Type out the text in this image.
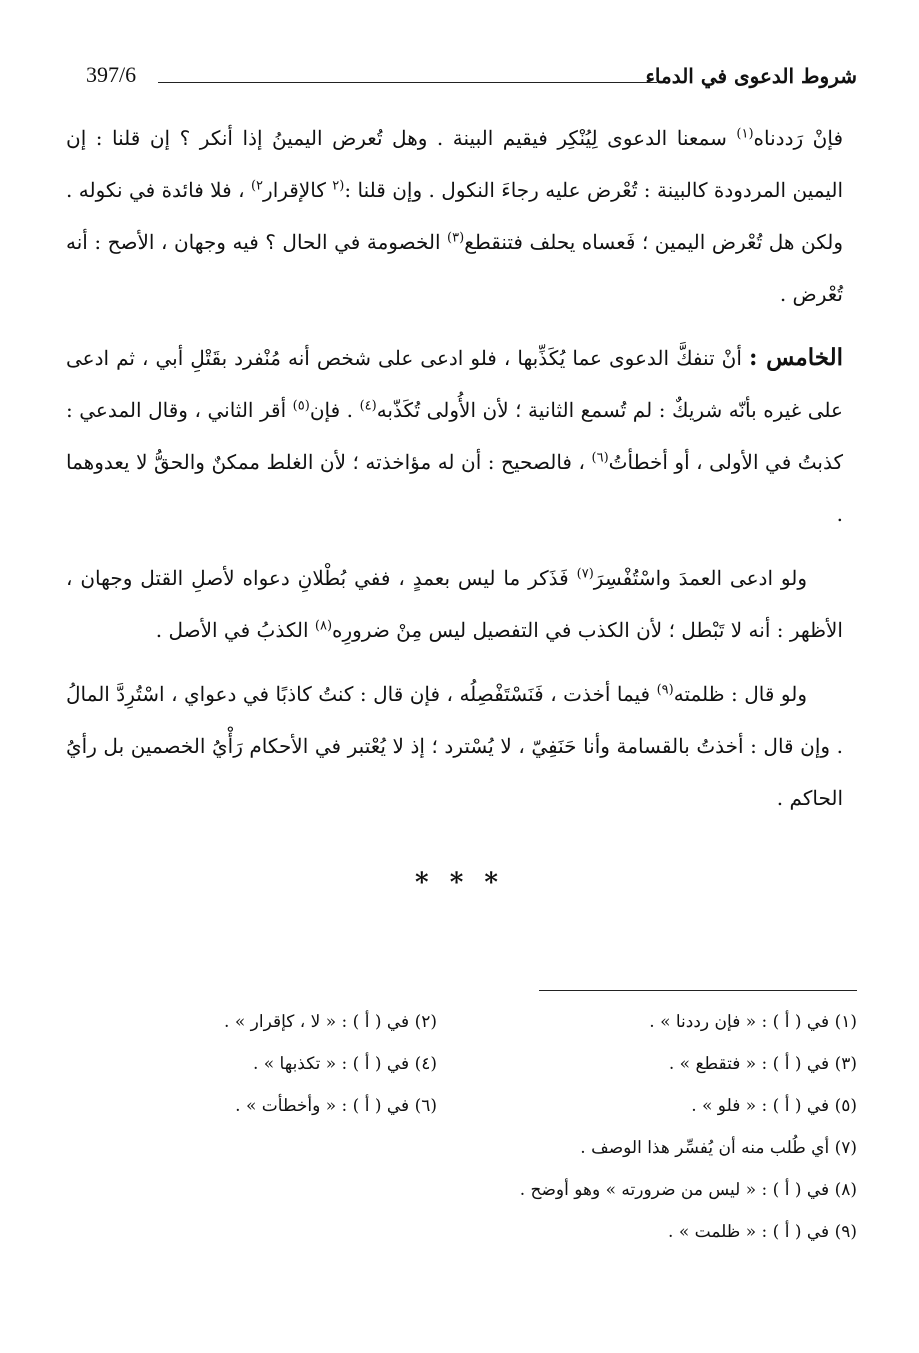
شروط الدعوى في الدماء
397/6

فإنْ رَددناه$^{(١)}$ سمعنا الدعوى لِيُنْكِر فيقيم البينة . وهل تُعرض اليمينُ إذا أنكر ؟ إن قلنا : إن اليمين المردودة كالبينة : تُعْرض عليه رجاءَ النكول . وإن قلنا :$^{(٢}$ كالإقرار$^{٢)}$ ، فلا فائدة في نكوله . ولكن هل تُعْرض اليمين ؛ فَعساه يحلف فتنقطع$^{(٣)}$ الخصومة في الحال ؟ فيه وجهان ، الأصح : أنه تُعْرض .

الخامس : أنْ تنفكَّ الدعوى عما يُكَذِّبها ، فلو ادعى على شخص أنه مُنْفرد بقَتْلِ أبي ، ثم ادعى على غيره بأنّه شريكٌ : لم تُسمع الثانية ؛ لأن الأُولى تُكَذّبه$^{(٤)}$ . فإن$^{(٥)}$ أقر الثاني ، وقال المدعي : كذبتُ في الأولى ، أو أخطأتُ$^{(٦)}$ ، فالصحيح : أن له مؤاخذته ؛ لأن الغلط ممكنٌ والحقُّ لا يعدوهما .

ولو ادعى العمدَ واسْتُفْسِرَ$^{(٧)}$ فَذَكر ما ليس بعمدٍ ، ففي بُطْلانِ دعواه لأصلِ القتل وجهان ، الأظهر : أنه لا تَبْطل ؛ لأن الكذب في التفصيل ليس مِنْ ضرورِه$^{(٨)}$ الكذبُ في الأصل .

ولو قال : ظلمته$^{(٩)}$ فيما أخذت ، فَنَسْتَفْصِلُه ، فإن قال : كنتُ كاذبًا في دعواي ، اسْتُرِدَّ المالُ . وإن قال : أخذتُ بالقسامة وأنا حَنَفِيّ ، لا يُسْترد ؛ إذ لا يُعْتبر في الأحكام رَأْيُ الخصمين بل رأيُ الحاكم .

* * *
(١) في ( أ ) : « فإن رددنا » .
(٢) في ( أ ) : « لا ، كإقرار » .
(٣) في ( أ ) : « فتقطع » .
(٤) في ( أ ) : « تكذبها » .
(٥) في ( أ ) : « فلو » .
(٦) في ( أ ) : « وأخطأت » .
(٧) أي طُلب منه أن يُفسِّر هذا الوصف .
(٨) في ( أ ) : « ليس من ضرورته » وهو أوضح .
(٩) في ( أ ) : « ظلمت » .
